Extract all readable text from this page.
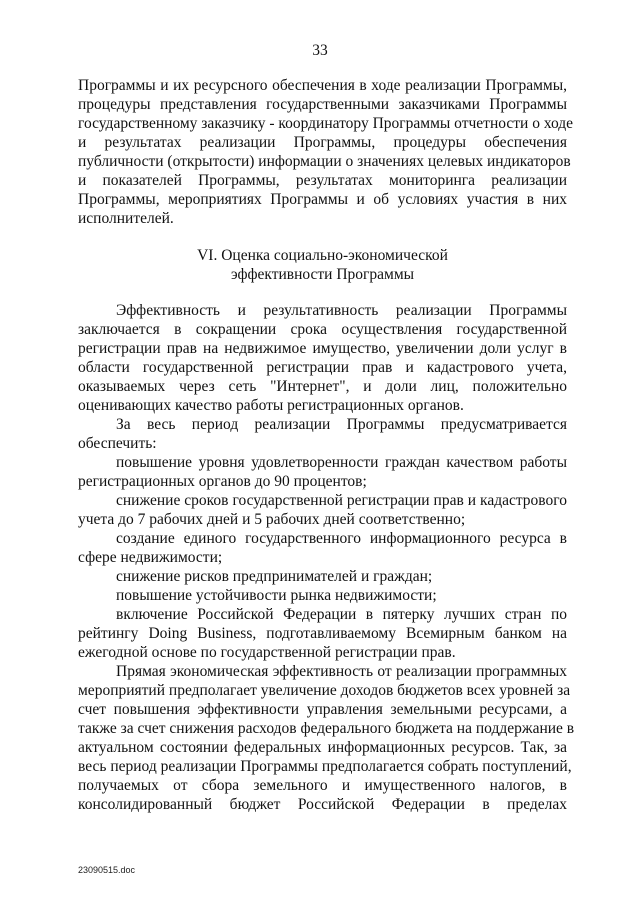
33
Программы и их ресурсного обеспечения в ходе реализации Программы,
процедуры представления государственными заказчиками Программы
государственному заказчику - координатору Программы отчетности о ходе
и результатах реализации Программы, процедуры обеспечения
публичности (открытости) информации о значениях целевых индикаторов
и показателей Программы, результатах мониторинга реализации
Программы, мероприятиях Программы и об условиях участия в них
исполнителей.
VI. Оценка социально-экономической
эффективности Программы
Эффективность и результативность реализации Программы
заключается в сокращении срока осуществления государственной
регистрации прав на недвижимое имущество, увеличении доли услуг в
области государственной регистрации прав и кадастрового учета,
оказываемых через сеть "Интернет", и доли лиц, положительно
оценивающих качество работы регистрационных органов.
За весь период реализации Программы предусматривается
обеспечить:
повышение уровня удовлетворенности граждан качеством работы
регистрационных органов до 90 процентов;
снижение сроков государственной регистрации прав и кадастрового
учета до 7 рабочих дней и 5 рабочих дней соответственно;
создание единого государственного информационного ресурса в
сфере недвижимости;
снижение рисков предпринимателей и граждан;
повышение устойчивости рынка недвижимости;
включение Российской Федерации в пятерку лучших стран по
рейтингу Doing Business, подготавливаемому Всемирным банком на
ежегодной основе по государственной регистрации прав.
Прямая экономическая эффективность от реализации программных
мероприятий предполагает увеличение доходов бюджетов всех уровней за
счет повышения эффективности управления земельными ресурсами, а
также за счет снижения расходов федерального бюджета на поддержание в
актуальном состоянии федеральных информационных ресурсов. Так, за
весь период реализации Программы предполагается собрать поступлений,
получаемых от сбора земельного и имущественного налогов, в
консолидированный бюджет Российской Федерации в пределах
23090515.doc
